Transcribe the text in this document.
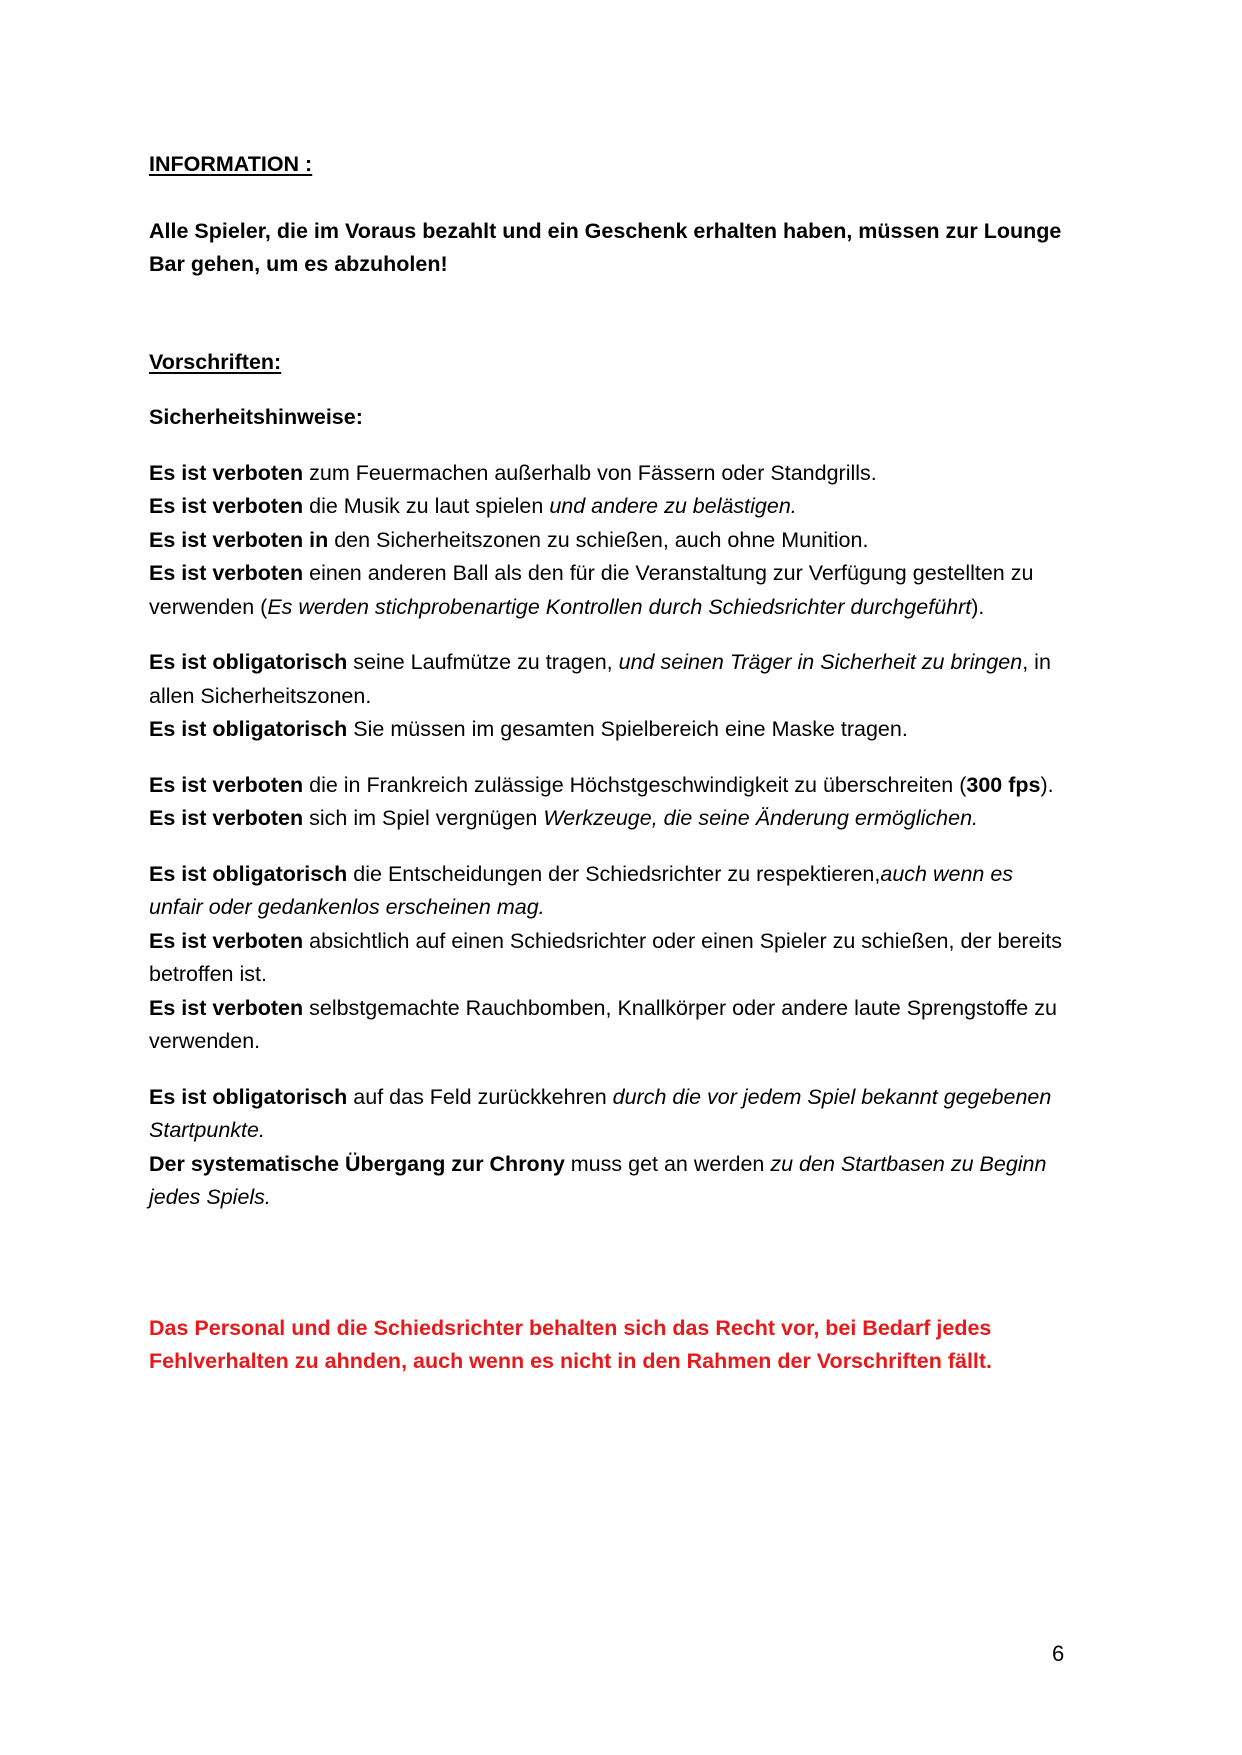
INFORMATION :
Alle Spieler, die im Voraus bezahlt und ein Geschenk erhalten haben, müssen zur Lounge Bar gehen, um es abzuholen!
Vorschriften:
Sicherheitshinweise:
Es ist verboten zum Feuermachen außerhalb von Fässern oder Standgrills.
Es ist verboten die Musik zu laut spielen und andere zu belästigen.
Es ist verboten in den Sicherheitszonen zu schießen, auch ohne Munition.
Es ist verboten einen anderen Ball als den für die Veranstaltung zur Verfügung gestellten zu verwenden (Es werden stichprobenartige Kontrollen durch Schiedsrichter durchgeführt).
Es ist obligatorisch seine Laufmütze zu tragen, und seinen Träger in Sicherheit zu bringen, in allen Sicherheitszonen.
Es ist obligatorisch Sie müssen im gesamten Spielbereich eine Maske tragen.
Es ist verboten die in Frankreich zulässige Höchstgeschwindigkeit zu überschreiten (300 fps).
Es ist verboten sich im Spiel vergnügen Werkzeuge, die seine Änderung ermöglichen.
Es ist obligatorisch die Entscheidungen der Schiedsrichter zu respektieren,auch wenn es unfair oder gedankenlos erscheinen mag.
Es ist verboten absichtlich auf einen Schiedsrichter oder einen Spieler zu schießen, der bereits betroffen ist.
Es ist verboten selbstgemachte Rauchbomben, Knallkörper oder andere laute Sprengstoffe zu verwenden.
Es ist obligatorisch auf das Feld zurückkehren durch die vor jedem Spiel bekannt gegebenen Startpunkte.
Der systematische Übergang zur Chrony muss get an werden zu den Startbasen zu Beginn jedes Spiels.
Das Personal und die Schiedsrichter behalten sich das Recht vor, bei Bedarf jedes Fehlverhalten zu ahnden, auch wenn es nicht in den Rahmen der Vorschriften fällt.
6
